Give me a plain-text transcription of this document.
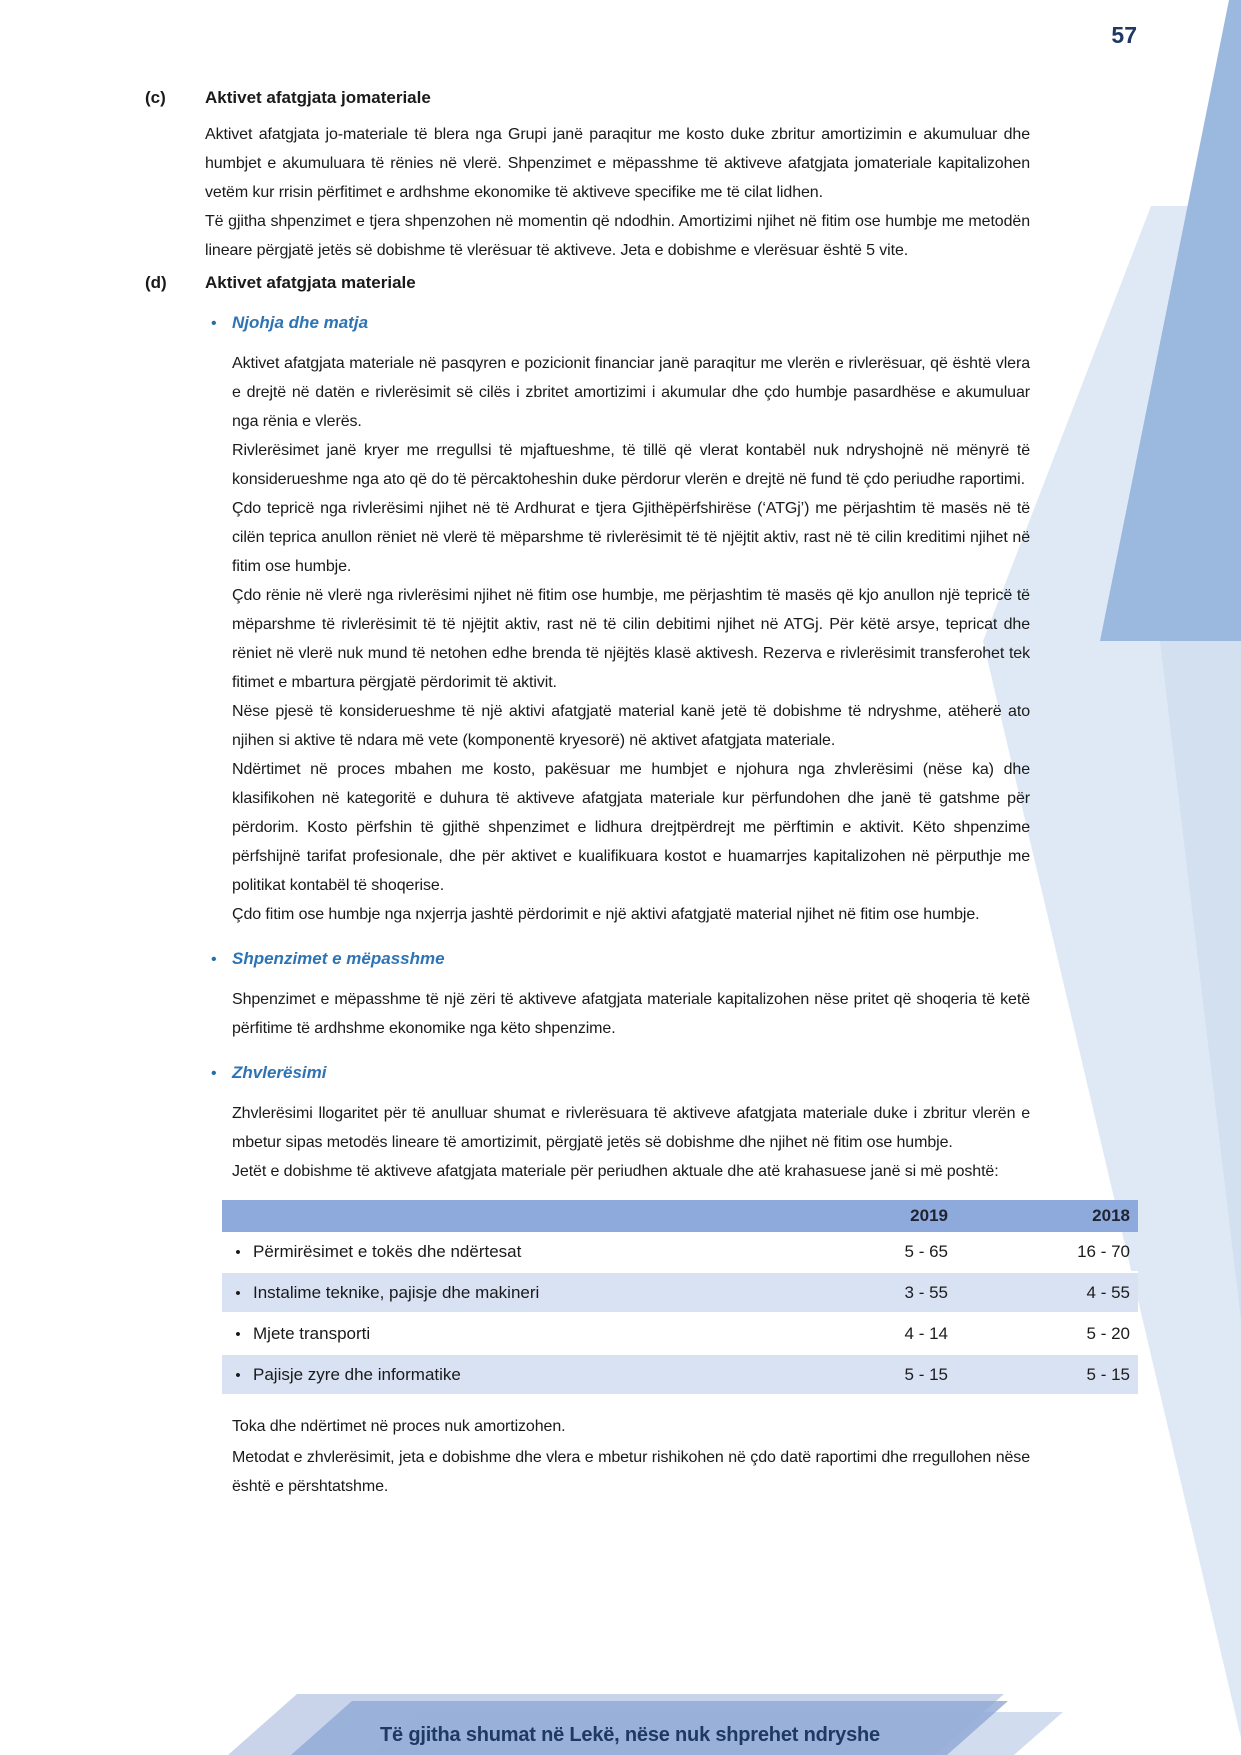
57
(c)	Aktivet afatgjata jomateriale

Aktivet afatgjata jo-materiale të blera nga Grupi janë paraqitur me kosto duke zbritur amortizimin e akumuluar dhe humbjet e akumuluara të rënies në vlerë. Shpenzimet e mëpasshme të aktiveve afatgjata jomateriale kapitalizohen vetëm kur rrisin përfitimet e ardhshme ekonomike të aktiveve specifike me të cilat lidhen.

Të gjitha shpenzimet e tjera shpenzohen në momentin që ndodhin. Amortizimi njihet në fitim ose humbje me metodën lineare përgjatë jetës së dobishme të vlerësuar të aktiveve. Jeta e dobishme e vlerësuar është 5 vite.

(d)	Aktivet afatgjata materiale
• Njohja dhe matja

Aktivet afatgjata materiale në pasqyren e pozicionit financiar janë paraqitur me vlerën e rivlerësuar, që është vlera e drejtë në datën e rivlerësimit së cilës i zbritet amortizimi i akumular dhe çdo humbje pasardhëse e akumuluar nga rënia e vlerës.

Rivlerësimet janë kryer me rregullsi të mjaftueshme, të tillë që vlerat kontabël nuk ndryshojnë në mënyrë të konsiderueshme nga ato që do të përcaktoheshin duke përdorur vlerën e drejtë në fund të çdo periudhe raportimi.

Çdo tepricë nga rivlerësimi njihet në të Ardhurat e tjera Gjithëpërfshirëse (‘ATGj’) me përjashtim të masës në të cilën teprica anullon rëniet në vlerë të mëparshme të rivlerësimit të të njëjtit aktiv, rast në të cilin kreditimi njihet në fitim ose humbje.

Çdo rënie në vlerë nga rivlerësimi njihet në fitim ose humbje, me përjashtim të masës që kjo anullon një tepricë të mëparshme të rivlerësimit të të njëjtit aktiv, rast në të cilin debitimi njihet në ATGj. Për këtë arsye, tepricat dhe rëniet në vlerë nuk mund të netohen edhe brenda të njëjtës klasë aktivesh. Rezerva e rivlerësimit transferohet tek fitimet e mbartura përgjatë përdorimit të aktivit.

Nëse pjesë të konsiderueshme të një aktivi afatgjatë material kanë jetë të dobishme të ndryshme, atëherë ato njihen si aktive të ndara më vete (komponentë kryesorë) në aktivet afatgjata materiale.

Ndërtimet në proces mbahen me kosto, pakësuar me humbjet e njohura nga zhvlerësimi (nëse ka) dhe klasifikohen në kategoritë e duhura të aktiveve afatgjata materiale kur përfundohen dhe janë të gatshme për përdorim. Kosto përfshin të gjithë shpenzimet e lidhura drejtpërdrejt me përftimin e aktivit. Këto shpenzime përfshijnë tarifat profesionale, dhe për aktivet e kualifikuara kostot e huamarrjes kapitalizohen në përputhje me politikat kontabël të shoqerise.

Çdo fitim ose humbje nga nxjerrja jashtë përdorimit e një aktivi afatgjatë material njihet në fitim ose humbje.

• Shpenzimet e mëpasshme

Shpenzimet e mëpasshme të një zëri të aktiveve afatgjata materiale kapitalizohen nëse pritet që shoqeria të ketë përfitime të ardhshme ekonomike nga këto shpenzime.

• Zhvlerësimi

Zhvlerësimi llogaritet për të anulluar shumat e rivlerësuara të aktiveve afatgjata materiale duke i zbritur vlerën e mbetur sipas metodës lineare të amortizimit, përgjatë jetës së dobishme dhe njihet në fitim ose humbje.

Jetët e dobishme të aktiveve afatgjata materiale për periudhen aktuale dhe atë krahasuese janë si më poshtë:

	2019	2018

• Përmirësimet e tokës dhe ndërtesat	5 - 65	16 - 70

• Instalime teknike, pajisje dhe makineri	3 - 55	4 - 55

• Mjete transporti	4 - 14	5 - 20

• Pajisje zyre dhe informatike	5 - 15	5 - 15

Toka dhe ndërtimet në proces nuk amortizohen.

Metodat e zhvlerësimit, jeta e dobishme dhe vlera e mbetur rishikohen në çdo datë raportimi dhe rregullohen nëse është e përshtatshme.

Të gjitha shumat në Lekë, nëse nuk shprehet ndryshe
